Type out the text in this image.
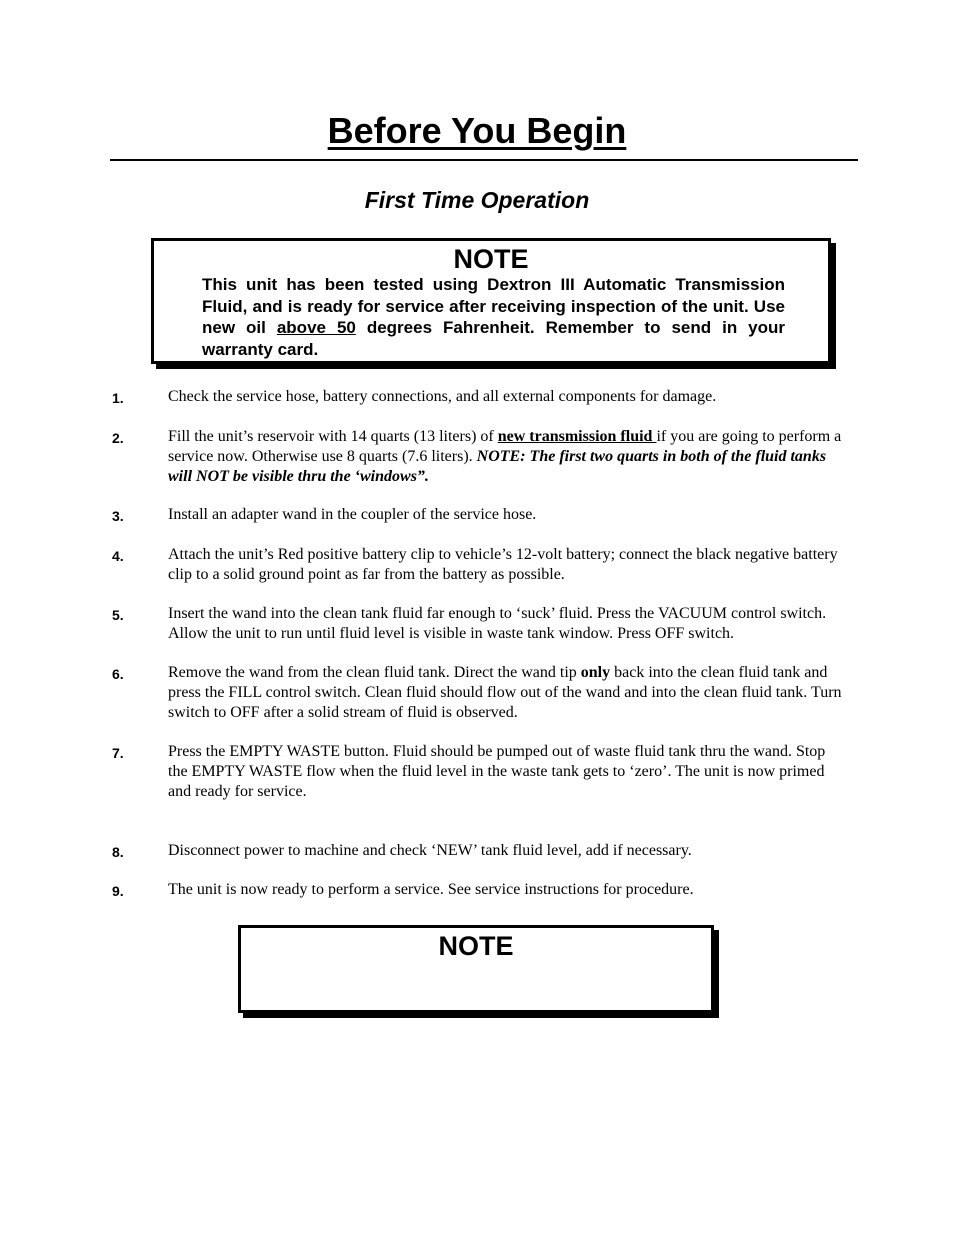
Before You Begin
First Time Operation
NOTE

This unit has been tested using Dextron III Automatic Transmission Fluid, and is ready for service after receiving inspection of the unit. Use new oil above 50 degrees Fahrenheit. Remember to send in your warranty card.

1.	Check the service hose, battery connections, and all external components for damage.
2.	Fill the unit’s reservoir with 14 quarts (13 liters) of new transmission fluid if you are going to perform a service now. Otherwise use 8 quarts (7.6 liters). NOTE: The first two quarts in both of the fluid tanks will NOT be visible thru the ‘windows”.
3.	Install an adapter wand in the coupler of the service hose.
4.	Attach the unit’s Red positive battery clip to vehicle’s 12-volt battery; connect the black negative battery clip to a solid ground point as far from the battery as possible.
5.	Insert the wand into the clean tank fluid far enough to ‘suck’ fluid. Press the VACUUM control switch. Allow the unit to run until fluid level is visible in waste tank window. Press OFF switch.
6.	Remove the wand from the clean fluid tank. Direct the wand tip only back into the clean fluid tank and press the FILL control switch. Clean fluid should flow out of the wand and into the clean fluid tank. Turn switch to OFF after a solid stream of fluid is observed.
7.	Press the EMPTY WASTE button. Fluid should be pumped out of waste fluid tank thru the wand. Stop the EMPTY WASTE flow when the fluid level in the waste tank gets to ‘zero’. The unit is now primed and ready for service.
8.	Disconnect power to machine and check ‘NEW’ tank fluid level, add if necessary.
9.	The unit is now ready to perform a service. See service instructions for procedure.
NOTE
